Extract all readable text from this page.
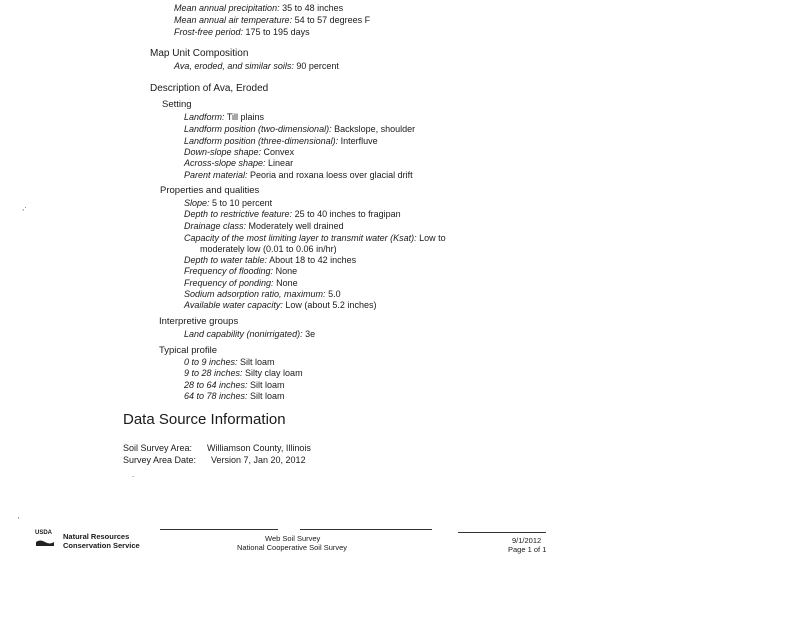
Mean annual precipitation: 35 to 48 inches
Mean annual air temperature: 54 to 57 degrees F
Frost-free period: 175 to 195 days
Map Unit Composition
Ava, eroded, and similar soils: 90 percent
Description of Ava, Eroded
Setting
Landform: Till plains
Landform position (two-dimensional): Backslope, shoulder
Landform position (three-dimensional): Interfluve
Down-slope shape: Convex
Across-slope shape: Linear
Parent material: Peoria and roxana loess over glacial drift
Properties and qualities
Slope: 5 to 10 percent
Depth to restrictive feature: 25 to 40 inches to fragipan
Drainage class: Moderately well drained
Capacity of the most limiting layer to transmit water (Ksat): Low to
moderately low (0.01 to 0.06 in/hr)
Depth to water table: About 18 to 42 inches
Frequency of flooding: None
Frequency of ponding: None
Sodium adsorption ratio, maximum: 5.0
Available water capacity: Low (about 5.2 inches)
Interpretive groups
Land capability (nonirrigated): 3e
Typical profile
0 to 9 inches: Silt loam
9 to 28 inches: Silty clay loam
28 to 64 inches: Silt loam
64 to 78 inches: Silt loam
Data Source Information
Soil Survey Area: Williamson County, Illinois
Survey Area Date: Version 7, Jan 20, 2012
,·
.
'
USDA Natural Resources
Conservation Service
Web Soil Survey
National Cooperative Soil Survey
9/1/2012
Page 1 of 1
